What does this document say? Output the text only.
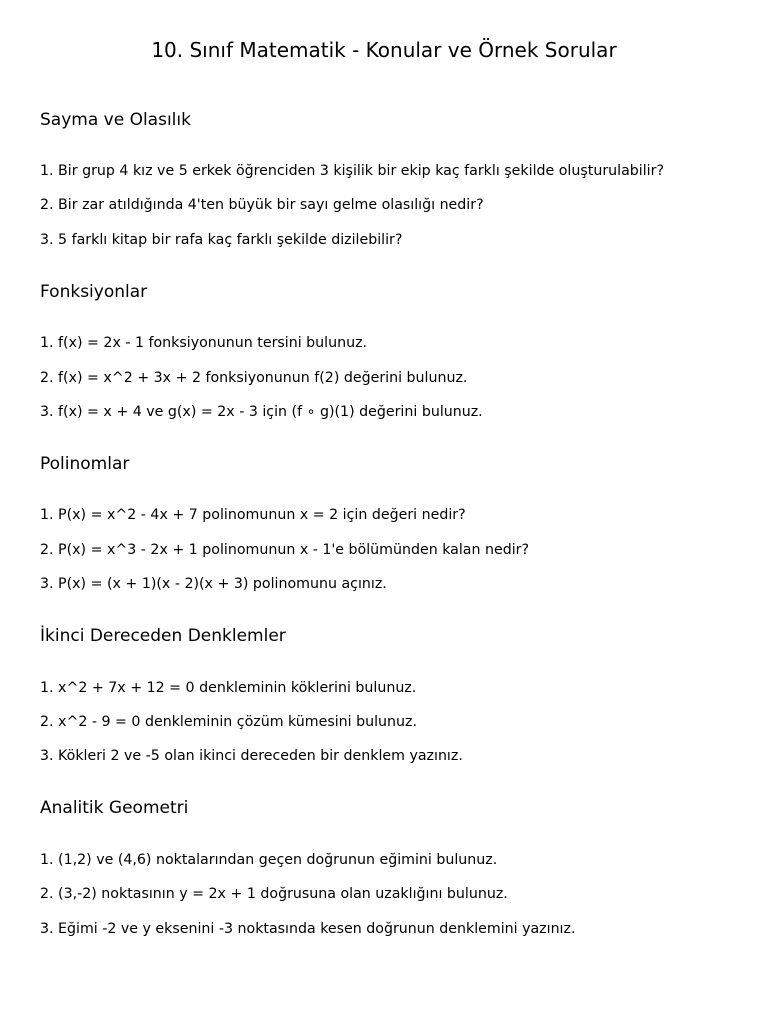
10. Sınıf Matematik - Konular ve Örnek Sorular
Sayma ve Olasılık

1. Bir grup 4 kız ve 5 erkek öğrenciden 3 kişilik bir ekip kaç farklı şekilde oluşturulabilir?

2. Bir zar atıldığında 4'ten büyük bir sayı gelme olasılığı nedir?

3. 5 farklı kitap bir rafa kaç farklı şekilde dizilebilir?

Fonksiyonlar

1. f(x) = 2x - 1 fonksiyonunun tersini bulunuz.

2. f(x) = x^2 + 3x + 2 fonksiyonunun f(2) değerini bulunuz.

3. f(x) = x + 4 ve g(x) = 2x - 3 için (f ∘ g)(1) değerini bulunuz.

Polinomlar

1. P(x) = x^2 - 4x + 7 polinomunun x = 2 için değeri nedir?

2. P(x) = x^3 - 2x + 1 polinomunun x - 1'e bölümünden kalan nedir?

3. P(x) = (x + 1)(x - 2)(x + 3) polinomunu açınız.

İkinci Dereceden Denklemler

1. x^2 + 7x + 12 = 0 denkleminin köklerini bulunuz.

2. x^2 - 9 = 0 denkleminin çözüm kümesini bulunuz.

3. Kökleri 2 ve -5 olan ikinci dereceden bir denklem yazınız.

Analitik Geometri

1. (1,2) ve (4,6) noktalarından geçen doğrunun eğimini bulunuz.

2. (3,-2) noktasının y = 2x + 1 doğrusuna olan uzaklığını bulunuz.

3. Eğimi -2 ve y eksenini -3 noktasında kesen doğrunun denklemini yazınız.
